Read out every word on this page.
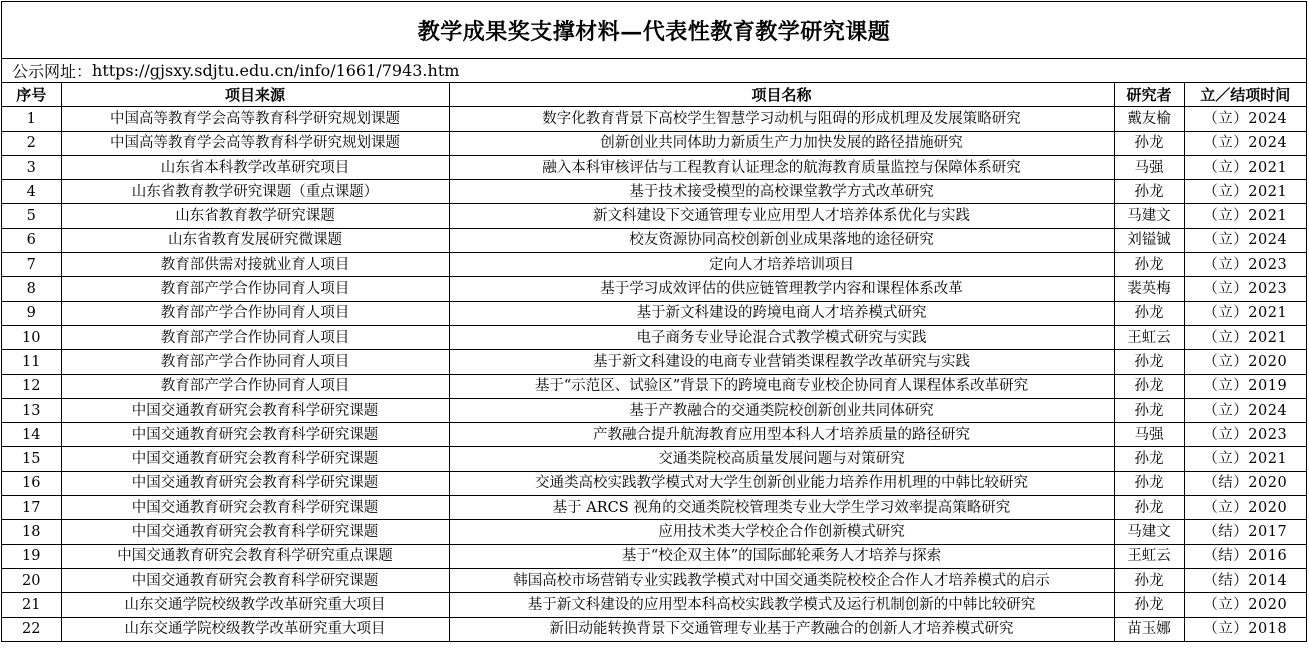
教学成果奖支撑材料—代表性教育教学研究课题
公示网址： https://gjsxy.sdjtu.edu.cn/info/1661/7943.htm
序号	项目来源	项目名称	研究者	立／结项时间
1	中国高等教育学会高等教育科学研究规划课题	数字化教育背景下高校学生智慧学习动机与阻碍的形成机理及发展策略研究	戴友榆	（立）2024
2	中国高等教育学会高等教育科学研究规划课题	创新创业共同体助力新质生产力加快发展的路径措施研究	孙龙	（立）2024
3	山东省本科教学改革研究项目	融入本科审核评估与工程教育认证理念的航海教育质量监控与保障体系研究	马强	（立）2021
4	山东省教育教学研究课题（重点课题）	基于技术接受模型的高校课堂教学方式改革研究	孙龙	（立）2021
5	山东省教育教学研究课题	新文科建设下交通管理专业应用型人才培养体系优化与实践	马建文	（立）2021
6	山东省教育发展研究微课题	校友资源协同高校创新创业成果落地的途径研究	刘镒铖	（立）2024
7	教育部供需对接就业育人项目	定向人才培养培训项目	孙龙	（立）2023
8	教育部产学合作协同育人项目	基于学习成效评估的供应链管理教学内容和课程体系改革	裴英梅	（立）2023
9	教育部产学合作协同育人项目	基于新文科建设的跨境电商人才培养模式研究	孙龙	（立）2021
10	教育部产学合作协同育人项目	电子商务专业导论混合式教学模式研究与实践	王虹云	（立）2021
11	教育部产学合作协同育人项目	基于新文科建设的电商专业营销类课程教学改革研究与实践	孙龙	（立）2020
12	教育部产学合作协同育人项目	基于“示范区、试验区”背景下的跨境电商专业校企协同育人课程体系改革研究	孙龙	（立）2019
13	中国交通教育研究会教育科学研究课题	基于产教融合的交通类院校创新创业共同体研究	孙龙	（立）2024
14	中国交通教育研究会教育科学研究课题	产教融合提升航海教育应用型本科人才培养质量的路径研究	马强	（立）2023
15	中国交通教育研究会教育科学研究课题	交通类院校高质量发展问题与对策研究	孙龙	（立）2021
16	中国交通教育研究会教育科学研究课题	交通类高校实践教学模式对大学生创新创业能力培养作用机理的中韩比较研究	孙龙	（结）2020
17	中国交通教育研究会教育科学研究课题	基于 ARCS 视角的交通类院校管理类专业大学生学习效率提高策略研究	孙龙	（立）2020
18	中国交通教育研究会教育科学研究课题	应用技术类大学校企合作创新模式研究	马建文	（结）2017
19	中国交通教育研究会教育科学研究重点课题	基于“校企双主体”的国际邮轮乘务人才培养与探索	王虹云	（结）2016
20	中国交通教育研究会教育科学研究课题	韩国高校市场营销专业实践教学模式对中国交通类院校校企合作人才培养模式的启示	孙龙	（结）2014
21	山东交通学院校级教学改革研究重大项目	基于新文科建设的应用型本科高校实践教学模式及运行机制创新的中韩比较研究	孙龙	（立）2020
22	山东交通学院校级教学改革研究重大项目	新旧动能转换背景下交通管理专业基于产教融合的创新人才培养模式研究	苗玉娜	（立）2018
